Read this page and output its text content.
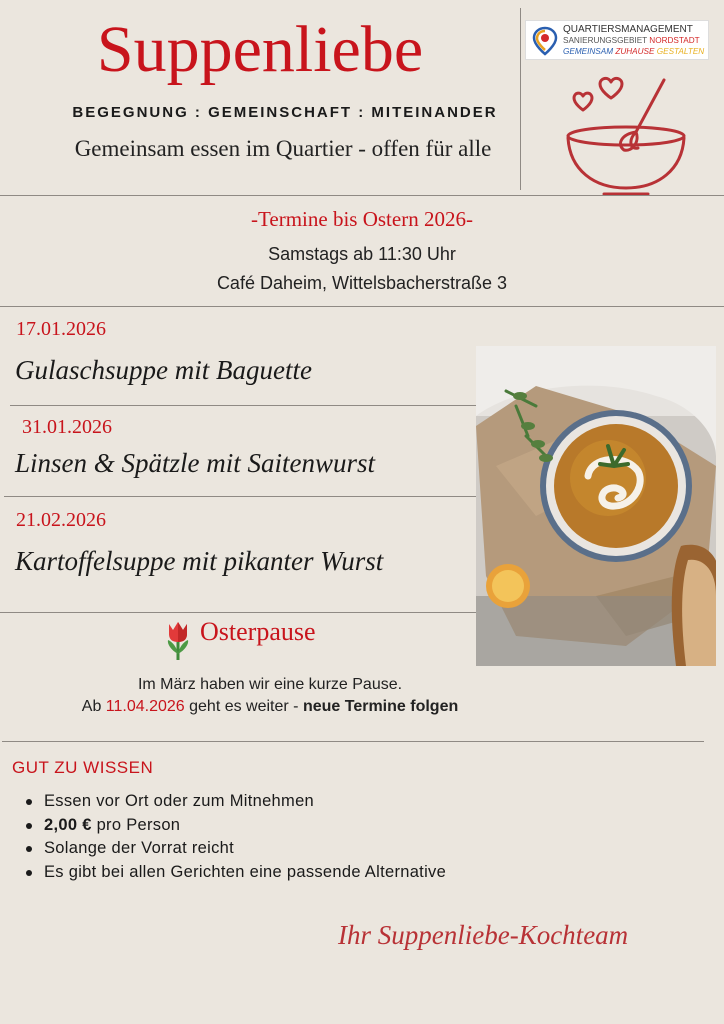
Suppenliebe
BEGEGNUNG : GEMEINSCHAFT : MITEINANDER
Gemeinsam essen im Quartier - offen für alle
QUARTIERSMANAGEMENT
SANIERUNGSGEBIET NORDSTADT
GEMEINSAM ZUHAUSE GESTALTEN
-Termine bis Ostern 2026-
Samstags ab 11:30 Uhr
Café Daheim, Wittelsbacherstraße 3
17.01.2026
Gulaschsuppe mit Baguette
31.01.2026
Linsen & Spätzle mit Saitenwurst
21.02.2026
Kartoffelsuppe mit pikanter Wurst
Osterpause
Im März haben wir eine kurze Pause.
Ab 11.04.2026 geht es weiter - neue Termine folgen
GUT ZU WISSEN
Essen vor Ort oder zum Mitnehmen
2,00 € pro Person
Solange der Vorrat reicht
Es gibt bei allen Gerichten eine passende Alternative
Ihr Suppenliebe-Kochteam
